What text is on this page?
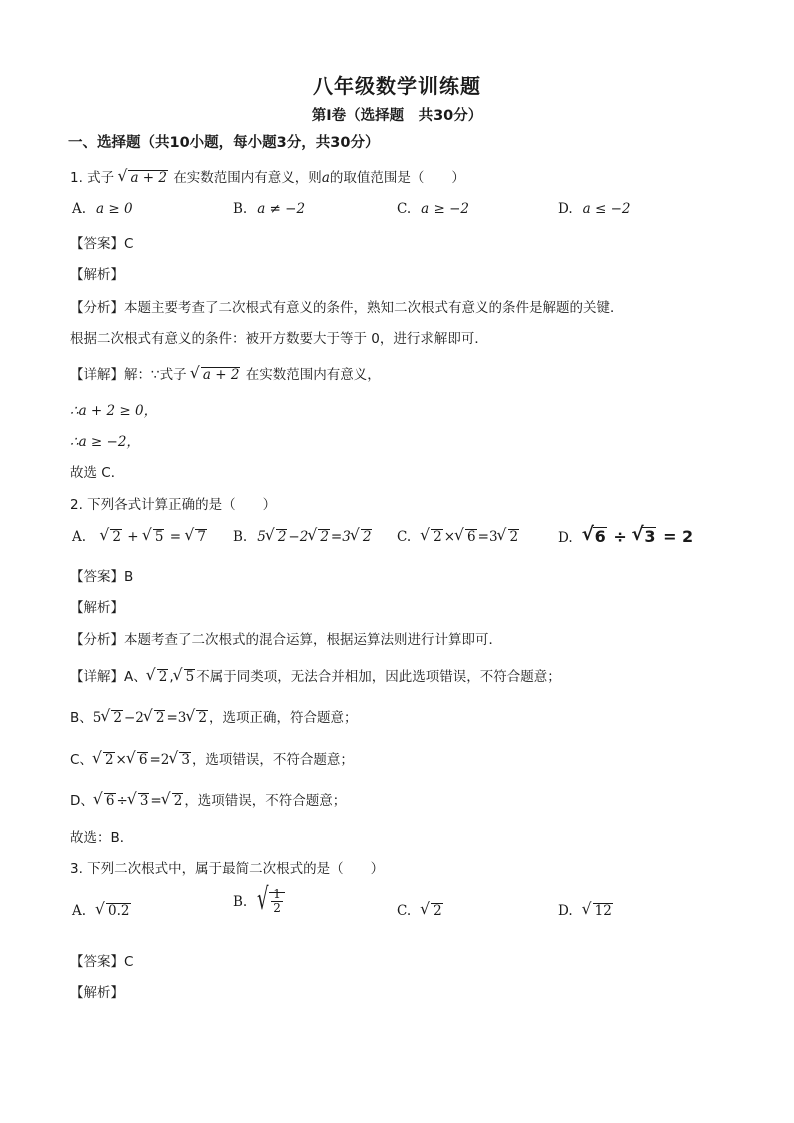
八年级数学训练题
第Ⅰ卷（选择题　共30分）
一、选择题（共10小题，每小题3分，共30分）
1. 式子 √ a + 2 在实数范围内有意义，则a的取值范围是（　　）
A. a ≥ 0	B. a ≠ −2	C. a ≥ −2	D. a ≤ −2
【答案】C
【解析】
【分析】本题主要考查了二次根式有意义的条件，熟知二次根式有意义的条件是解题的关键．
根据二次根式有意义的条件：被开方数要大于等于 0，进行求解即可．
【详解】解：∵式子 √ a + 2 在实数范围内有意义，
∴a + 2 ≥ 0，
∴a ≥ −2，
故选 C．
2. 下列各式计算正确的是（　　）
A. √ 2 + √ 5 = √ 7 B. 5 √ 2 −2 √ 2 =3 √ 2 C. √ 2 × √ 6 =3 √ 2	D. √ 6 ÷ √ 3 = 2
【答案】B
【解析】
【分析】本题考查了二次根式的混合运算，根据运算法则进行计算即可．
【详解】A、 √ 2 , √ 5 不属于同类项，无法合并相加，因此选项错误，不符合题意；
B、5 √ 2 −2 √ 2 =3 √ 2 ，选项正确，符合题意；
C、 √ 2 × √ 6 =2 √ 3 ，选项错误，不符合题意；
D、 √ 6 ÷ √ 3 = √ 2 ，选项错误，不符合题意；
故选：B．
3. 下列二次根式中，属于最简二次根式的是（　　）
A. √ 0.2
B. √ $\frac{1}{2}$	C. √ 2	D. √ 12
【答案】C
【解析】
